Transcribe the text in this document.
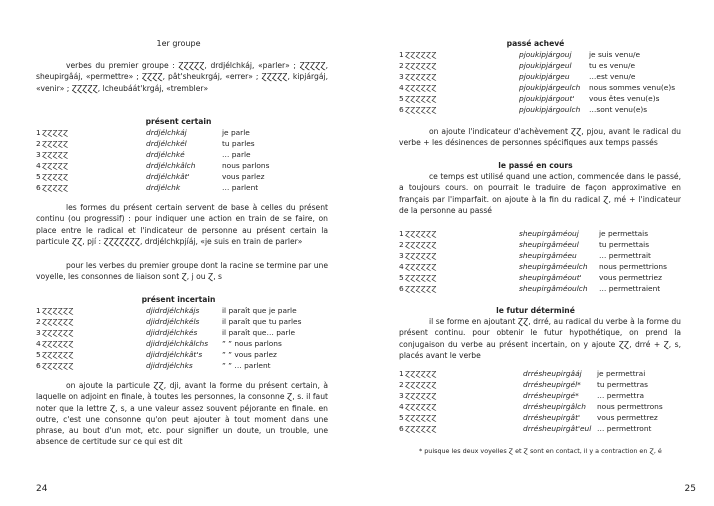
1er groupe
verbes du premier groupe : ⱿⱿⱿⱿⱿ, drdjélchkáj, «parler» ; ⱿⱿⱿⱿⱿ, sheupirgâáj, «permettre» ; ⱿⱿⱿⱿ, pât'sheukrgáj, «errer» ; ⱿⱿⱿⱿⱿ, kipjárgáj, «venir» ; ⱿⱿⱿⱿⱿ, lcheubáát'krgáj, «trembler»
présent certain
1 ⱿⱿⱿⱿⱿ	drdjélchkáj	je parle
2 ⱿⱿⱿⱿⱿ	drdjélchkél	tu parles
3 ⱿⱿⱿⱿⱿ	drdjélchké	… parle
4 ⱿⱿⱿⱿⱿ	drdjélchkâlch	nous parlons
5 ⱿⱿⱿⱿⱿ	drdjélchkât'	vous parlez
6 ⱿⱿⱿⱿⱿ	drdjélchk	… parlent
les formes du présent certain servent de base à celles du présent continu (ou progressif) : pour indiquer une action en train de se faire, on place entre le radical et l'indicateur de personne au présent certain la particule ⱿⱿ, pjí : ⱿⱿⱿⱿⱿⱿⱿ, drdjélchkpjíáj, «je suis en train de parler»
pour les verbes du premier groupe dont la racine se termine par une voyelle, les consonnes de liaison sont Ɀ, j ou Ɀ, s
présent incertain
1 ⱿⱿⱿⱿⱿⱿ	djidrdjélchkájs	il paraît que je parle
2 ⱿⱿⱿⱿⱿⱿ	djidrdjélchkéls	il paraît que tu parles
3 ⱿⱿⱿⱿⱿⱿ	djidrdjélchkés	il paraît que… parle
4 ⱿⱿⱿⱿⱿⱿ	djidrdjélchkâlchs ” ” nous parlons
5 ⱿⱿⱿⱿⱿⱿ	djidrdjélchkât's	” ” vous parlez
6 ⱿⱿⱿⱿⱿⱿ	djidrdjélchks	” ” … parlent
on ajoute la particule ⱿⱿ, dji, avant la forme du présent certain, à laquelle on adjoint en finale, à toutes les personnes, la consonne Ɀ, s. il faut noter que la lettre Ɀ, s, a une valeur assez souvent péjorante en finale. en outre, c'est une consonne qu'on peut ajouter à tout moment dans une phrase, au bout d'un mot, etc. pour signifier un doute, un trouble, une absence de certitude sur ce qui est dit
24
passé achevé
1 ⱿⱿⱿⱿⱿⱿ	pjoukipjárgouj je suis venu/e
2 ⱿⱿⱿⱿⱿⱿ	pjoukipjárgeul tu es venu/e
3 ⱿⱿⱿⱿⱿⱿ	pjoukipjárgeu	…est venu/e
4 ⱿⱿⱿⱿⱿⱿ	pjoukipjárgeulch nous sommes venu(e)s
5 ⱿⱿⱿⱿⱿⱿ	pjoukipjárgout' vous êtes venu(e)s
6 ⱿⱿⱿⱿⱿⱿ	pjoukipjárgoulch …sont venu(e)s
on ajoute l'indicateur d'achèvement ⱿⱿ, pjou, avant le radical du verbe + les désinences de personnes spécifiques aux temps passés
le passé en cours
ce temps est utilisé quand une action, commencée dans le passé, a toujours cours. on pourrait le traduire de façon approximative en français par l'imparfait. on ajoute à la fin du radical Ɀ, mé + l'indicateur de la personne au passé
1 ⱿⱿⱿⱿⱿⱿ	sheupirgâméouj	je permettais
2 ⱿⱿⱿⱿⱿⱿ	sheupirgâméeul	tu permettais
3 ⱿⱿⱿⱿⱿⱿ	sheupirgâméeu	… permettrait
4 ⱿⱿⱿⱿⱿⱿ	sheupirgâméeulch nous permettrions
5 ⱿⱿⱿⱿⱿⱿ	sheupirgâméout' vous permettriez
6 ⱿⱿⱿⱿⱿⱿ	sheupirgâméoulch … permettraient
le futur déterminé
il se forme en ajoutant ⱿⱿ, drré, au radical du verbe à la forme du présent continu. pour obtenir le futur hypothétique, on prend la conjugaison du verbe au présent incertain, on y ajoute ⱿⱿ, drré + Ɀ, s, placés avant le verbe
1 ⱿⱿⱿⱿⱿⱿ	drrésheupirgâáj je permettrai
2 ⱿⱿⱿⱿⱿⱿ	drrésheupirgél* tu permettras
3 ⱿⱿⱿⱿⱿⱿ	drrésheupirgé* … permettra
4 ⱿⱿⱿⱿⱿⱿ	drrésheupirgâlch nous permettrons
5 ⱿⱿⱿⱿⱿⱿ	drrésheupirgât' vous permettrez
6 ⱿⱿⱿⱿⱿⱿ	drrésheupirgât'eul … permettront
* puisque les deux voyelles Ɀ et Ɀ sont en contact, il y a contraction en Ɀ, é
25
